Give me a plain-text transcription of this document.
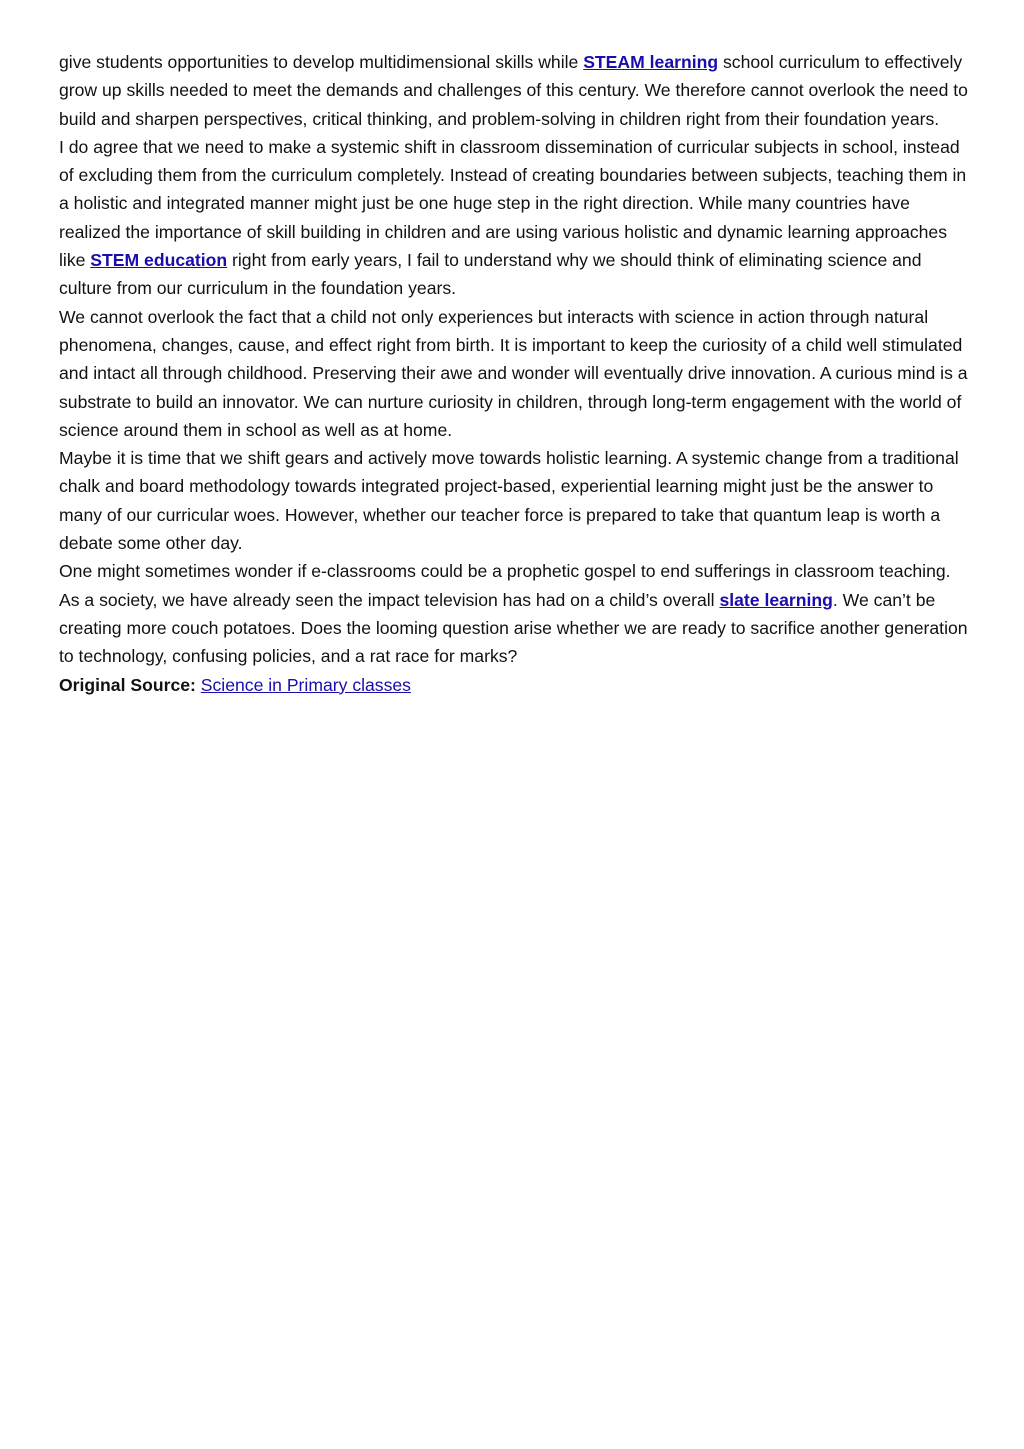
give students opportunities to develop multidimensional skills while STEAM learning school curriculum to effectively grow up skills needed to meet the demands and challenges of this century. We therefore cannot overlook the need to build and sharpen perspectives, critical thinking, and problem-solving in children right from their foundation years.

I do agree that we need to make a systemic shift in classroom dissemination of curricular subjects in school, instead of excluding them from the curriculum completely. Instead of creating boundaries between subjects, teaching them in a holistic and integrated manner might just be one huge step in the right direction. While many countries have realized the importance of skill building in children and are using various holistic and dynamic learning approaches like STEM education right from early years, I fail to understand why we should think of eliminating science and culture from our curriculum in the foundation years.

We cannot overlook the fact that a child not only experiences but interacts with science in action through natural phenomena, changes, cause, and effect right from birth. It is important to keep the curiosity of a child well stimulated and intact all through childhood. Preserving their awe and wonder will eventually drive innovation. A curious mind is a substrate to build an innovator. We can nurture curiosity in children, through long-term engagement with the world of science around them in school as well as at home.

Maybe it is time that we shift gears and actively move towards holistic learning. A systemic change from a traditional chalk and board methodology towards integrated project-based, experiential learning might just be the answer to many of our curricular woes. However, whether our teacher force is prepared to take that quantum leap is worth a debate some other day.

One might sometimes wonder if e-classrooms could be a prophetic gospel to end sufferings in classroom teaching. As a society, we have already seen the impact television has had on a child’s overall slate learning. We can’t be creating more couch potatoes. Does the looming question arise whether we are ready to sacrifice another generation to technology, confusing policies, and a rat race for marks?

Original Source: Science in Primary classes
